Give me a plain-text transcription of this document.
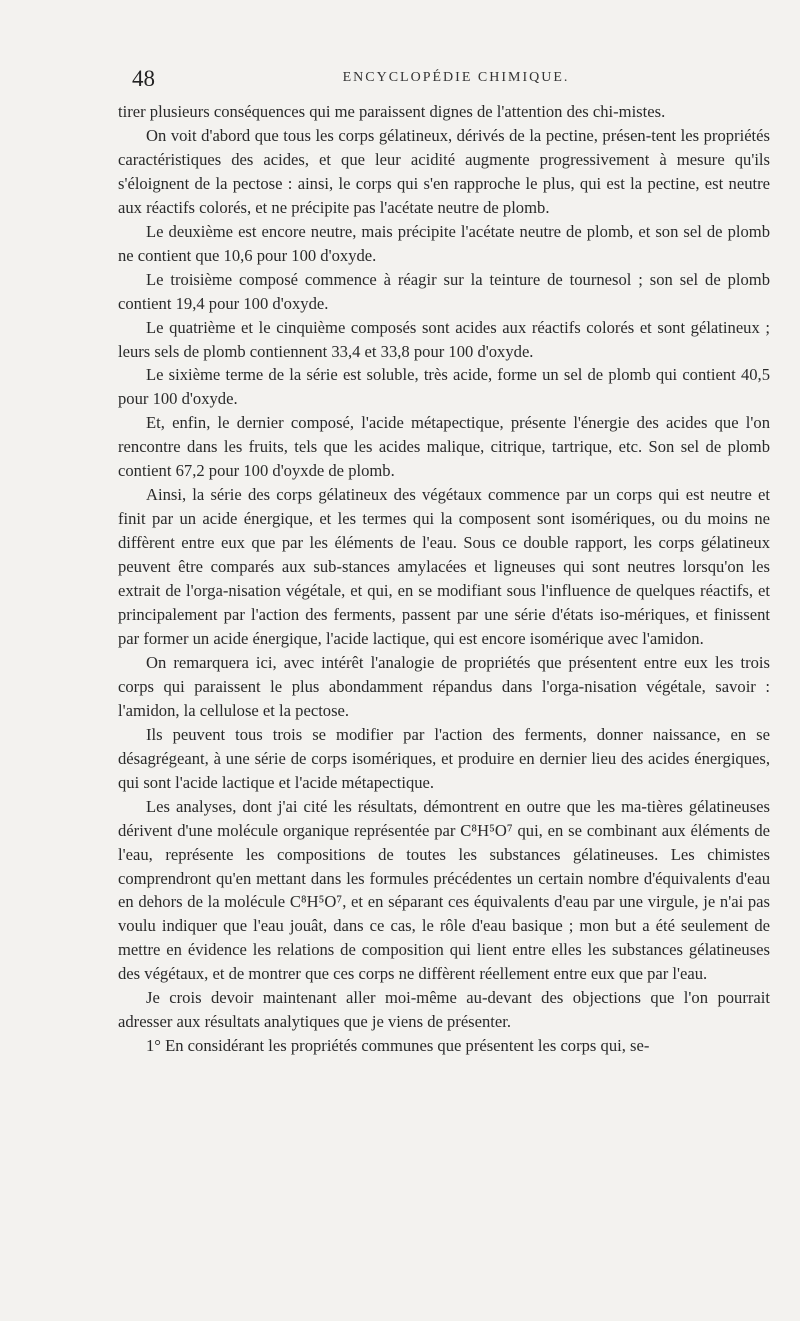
48	ENCYCLOPÉDIE CHIMIQUE.

tirer plusieurs conséquences qui me paraissent dignes de l'attention des chi-mistes.

On voit d'abord que tous les corps gélatineux, dérivés de la pectine, présen-tent les propriétés caractéristiques des acides, et que leur acidité augmente progressivement à mesure qu'ils s'éloignent de la pectose : ainsi, le corps qui s'en rapproche le plus, qui est la pectine, est neutre aux réactifs colorés, et ne précipite pas l'acétate neutre de plomb.

Le deuxième est encore neutre, mais précipite l'acétate neutre de plomb, et son sel de plomb ne contient que 10,6 pour 100 d'oxyde.

Le troisième composé commence à réagir sur la teinture de tournesol ; son sel de plomb contient 19,4 pour 100 d'oxyde.

Le quatrième et le cinquième composés sont acides aux réactifs colorés et sont gélatineux ; leurs sels de plomb contiennent 33,4 et 33,8 pour 100 d'oxyde.

Le sixième terme de la série est soluble, très acide, forme un sel de plomb qui contient 40,5 pour 100 d'oxyde.

Et, enfin, le dernier composé, l'acide métapectique, présente l'énergie des acides que l'on rencontre dans les fruits, tels que les acides malique, citrique, tartrique, etc. Son sel de plomb contient 67,2 pour 100 d'oyxde de plomb.

Ainsi, la série des corps gélatineux des végétaux commence par un corps qui est neutre et finit par un acide énergique, et les termes qui la composent sont isomériques, ou du moins ne diffèrent entre eux que par les éléments de l'eau. Sous ce double rapport, les corps gélatineux peuvent être comparés aux sub-stances amylacées et ligneuses qui sont neutres lorsqu'on les extrait de l'orga-nisation végétale, et qui, en se modifiant sous l'influence de quelques réactifs, et principalement par l'action des ferments, passent par une série d'états iso-mériques, et finissent par former un acide énergique, l'acide lactique, qui est encore isomérique avec l'amidon.

On remarquera ici, avec intérêt l'analogie de propriétés que présentent entre eux les trois corps qui paraissent le plus abondamment répandus dans l'orga-nisation végétale, savoir : l'amidon, la cellulose et la pectose.

Ils peuvent tous trois se modifier par l'action des ferments, donner naissance, en se désagrégeant, à une série de corps isomériques, et produire en dernier lieu des acides énergiques, qui sont l'acide lactique et l'acide métapectique.

Les analyses, dont j'ai cité les résultats, démontrent en outre que les ma-tières gélatineuses dérivent d'une molécule organique représentée par C⁸H⁵O⁷ qui, en se combinant aux éléments de l'eau, représente les compositions de toutes les substances gélatineuses. Les chimistes comprendront qu'en mettant dans les formules précédentes un certain nombre d'équivalents d'eau en dehors de la molécule C⁸H⁵O⁷, et en séparant ces équivalents d'eau par une virgule, je n'ai pas voulu indiquer que l'eau jouât, dans ce cas, le rôle d'eau basique ; mon but a été seulement de mettre en évidence les relations de composition qui lient entre elles les substances gélatineuses des végétaux, et de montrer que ces corps ne diffèrent réellement entre eux que par l'eau.

Je crois devoir maintenant aller moi-même au-devant des objections que l'on pourrait adresser aux résultats analytiques que je viens de présenter.

1° En considérant les propriétés communes que présentent les corps qui, se-
